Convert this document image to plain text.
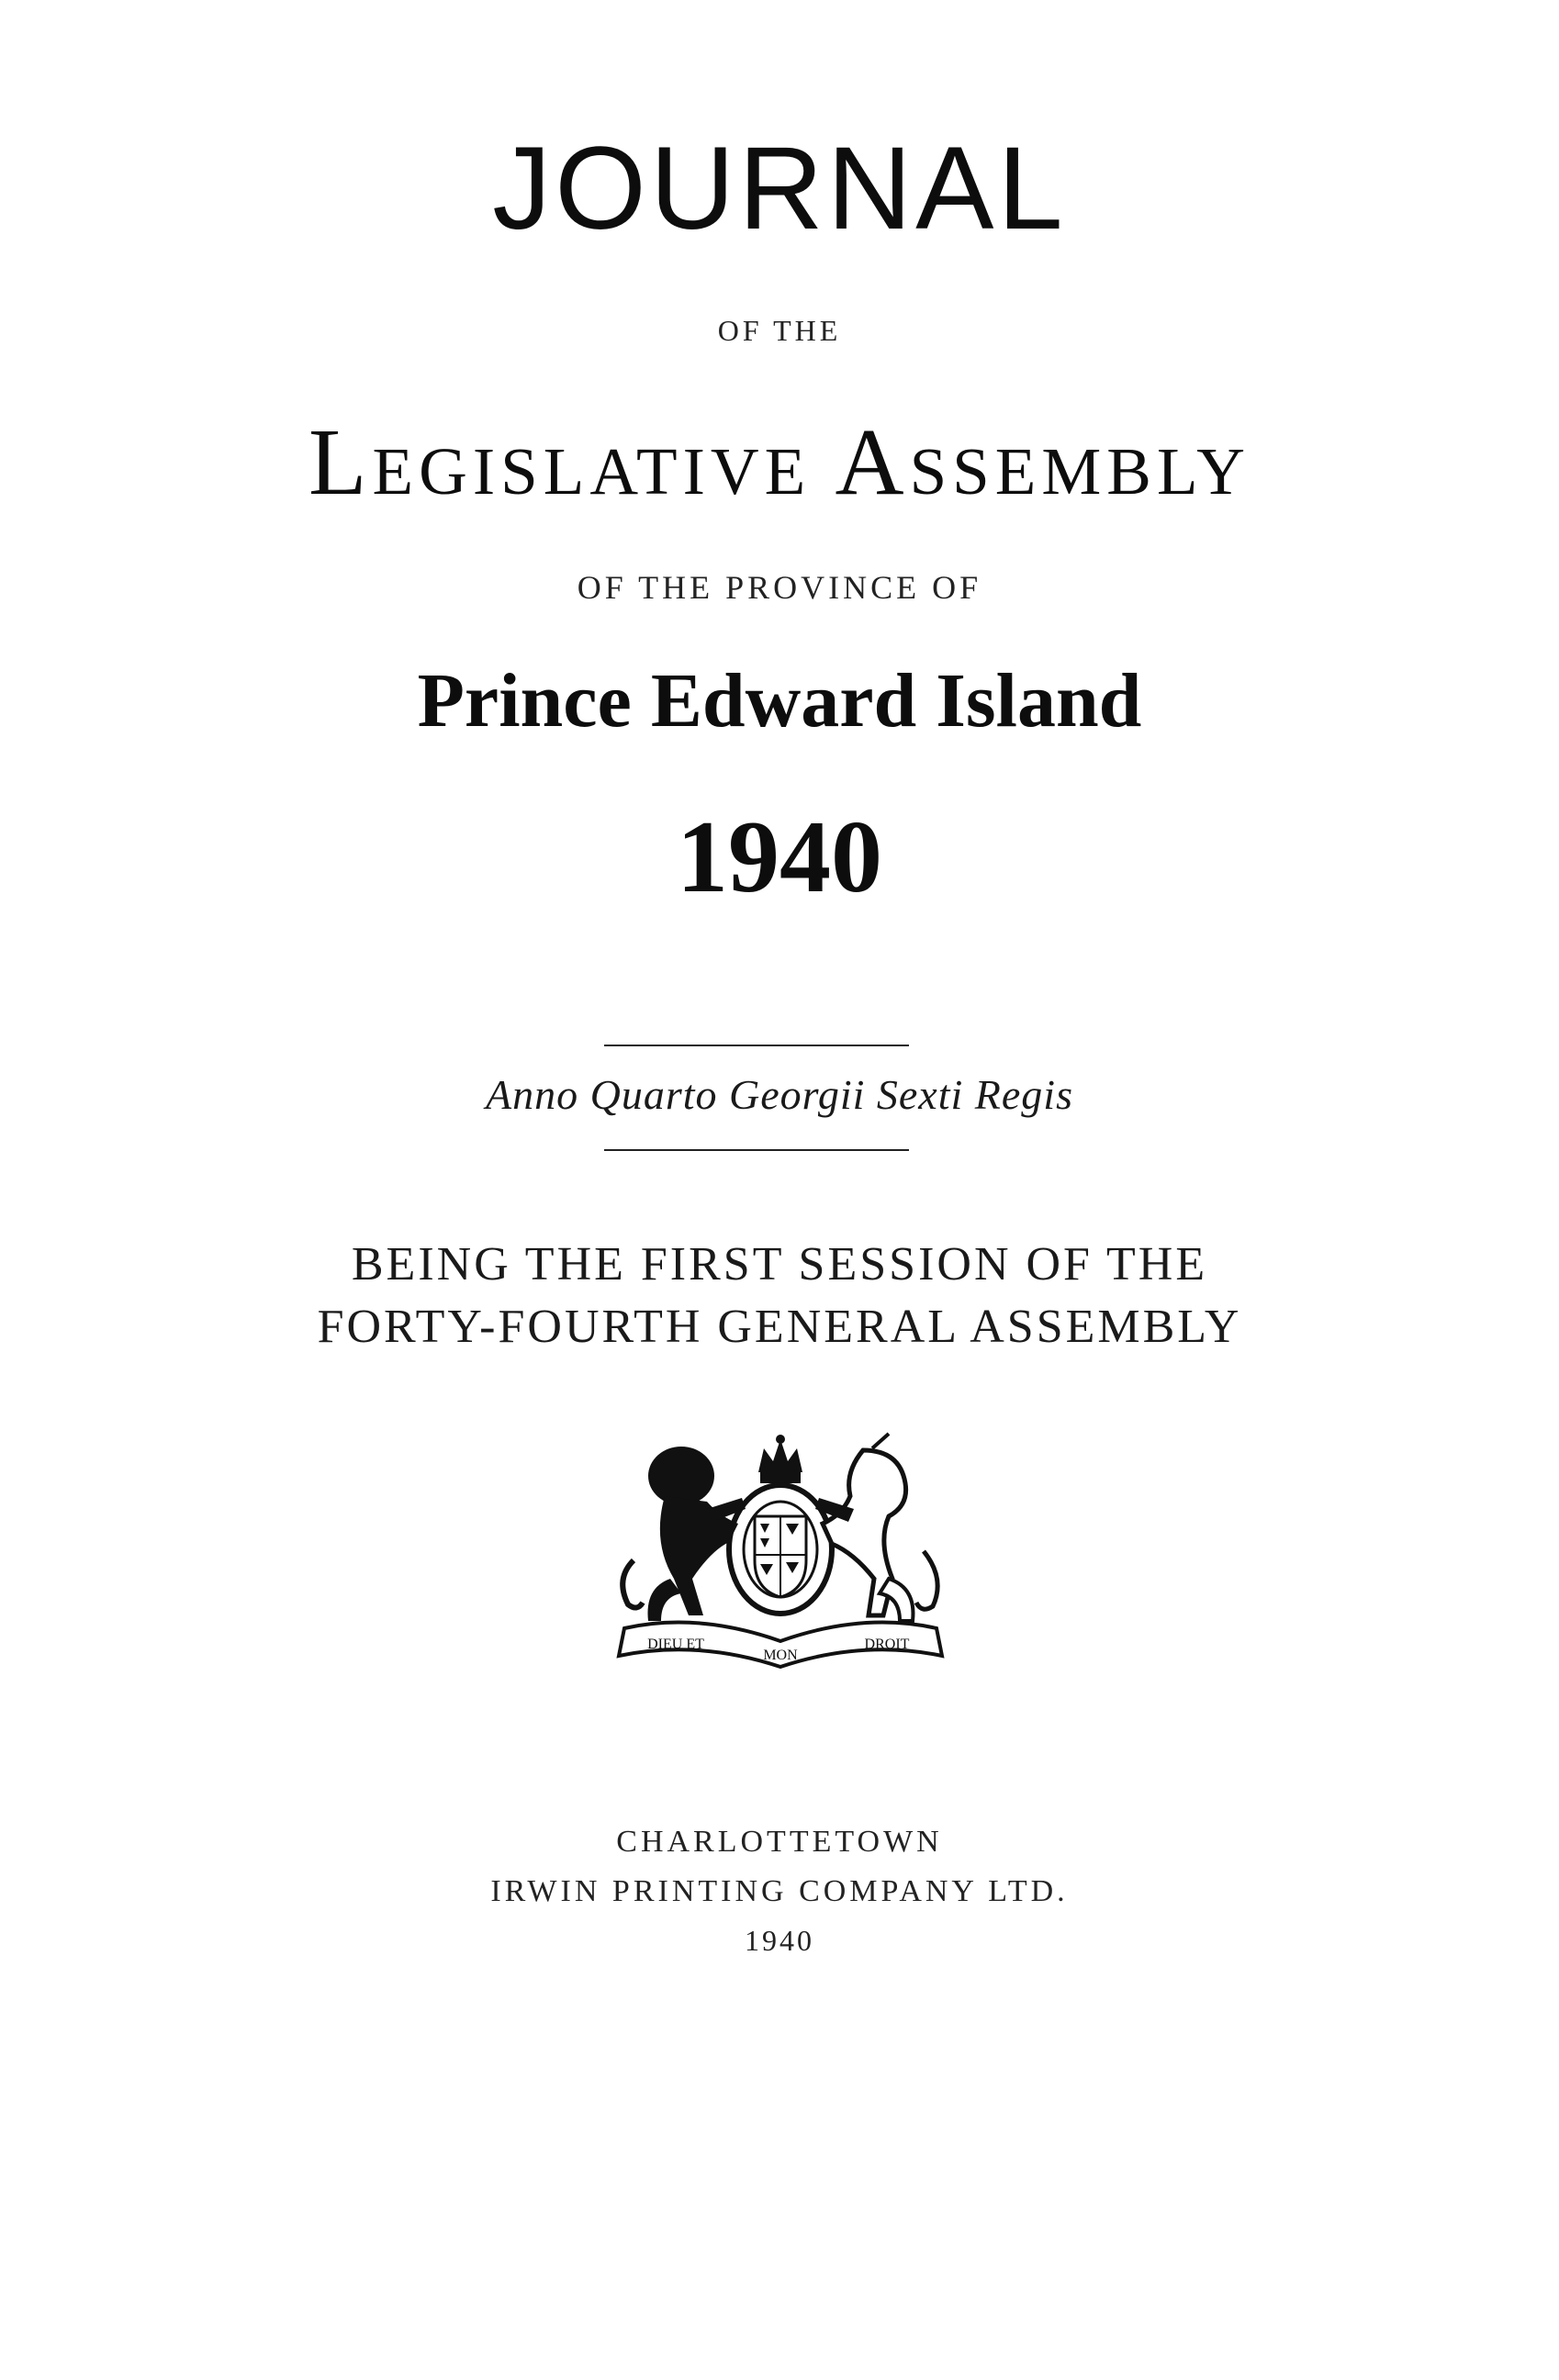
JOURNAL
OF THE
Legislative Assembly
OF THE PROVINCE OF
Prince Edward Island
1940
Anno Quarto Georgii Sexti Regis
BEING THE FIRST SESSION OF THE
FORTY-FOURTH GENERAL ASSEMBLY
DIEU ET
MON
DROIT
CHARLOTTETOWN
IRWIN PRINTING COMPANY LTD.
1940
